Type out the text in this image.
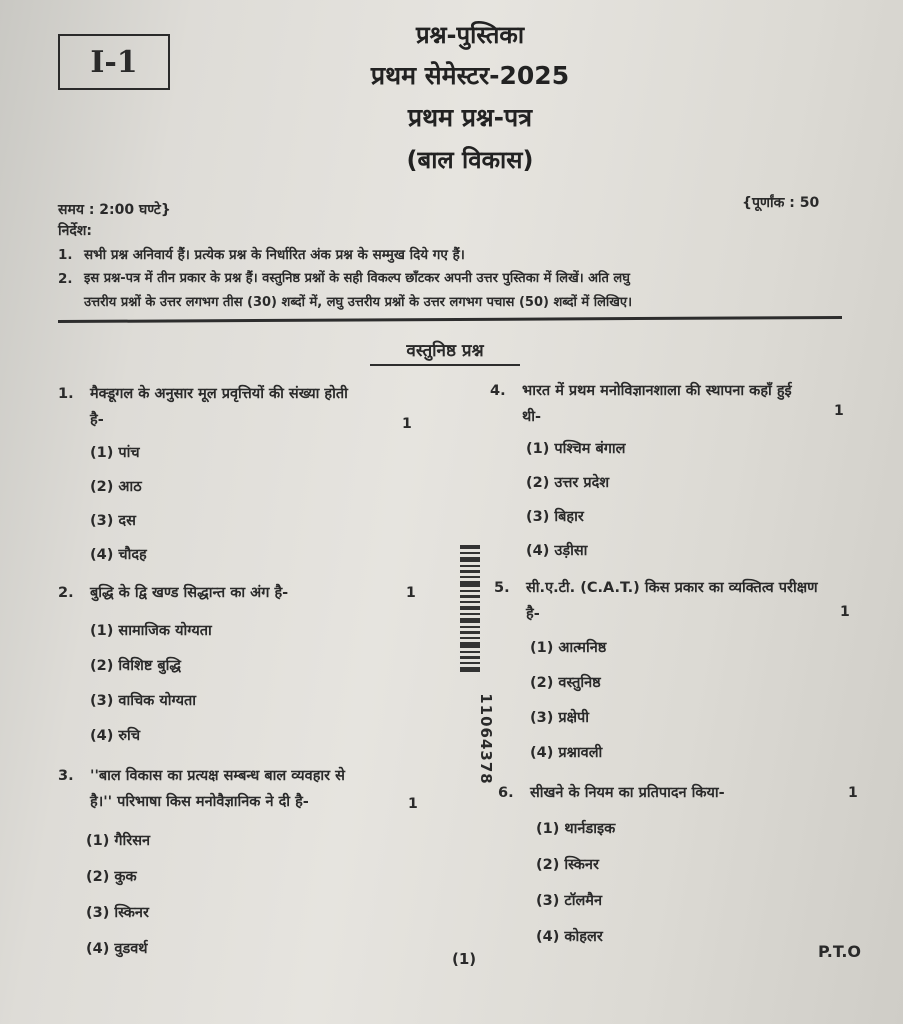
I-1
प्रश्न-पुस्तिका
प्रथम सेमेस्टर-2025
प्रथम प्रश्न-पत्र
(बाल विकास)
समय : 2:00 घण्टे}	{पूर्णांक : 50
निर्देश:
1. सभी प्रश्न अनिवार्य हैं। प्रत्येक प्रश्न के निर्धारित अंक प्रश्न के सम्मुख दिये गए हैं।
2. इस प्रश्न-पत्र में तीन प्रकार के प्रश्न हैं। वस्तुनिष्ठ प्रश्नों के सही विकल्प छाँटकर अपनी उत्तर पुस्तिका में लिखें। अति लघु
उत्तरीय प्रश्नों के उत्तर लगभग तीस (30) शब्दों में, लघु उत्तरीय प्रश्नों के उत्तर लगभग पचास (50) शब्दों में लिखिए।
वस्तुनिष्ठ प्रश्न
1. मैक्डूगल के अनुसार मूल प्रवृत्तियों की संख्या होती
है-	1
(1) पांच
(2) आठ
(3) दस
(4) चौदह
2. बुद्धि के द्वि खण्ड सिद्धान्त का अंग है-	1
(1) सामाजिक योग्यता
(2) विशिष्ट बुद्धि
(3) वाचिक योग्यता
(4) रुचि
3. ''बाल विकास का प्रत्यक्ष सम्बन्ध बाल व्यवहार से
है।'' परिभाषा किस मनोवैज्ञानिक ने दी है-	1
(1) गैरिसन
(2) कुक
(3) स्किनर
(4) वुडवर्थ
11064378
4. भारत में प्रथम मनोविज्ञानशाला की स्थापना कहाँ हुई
थी-	1
(1) पश्चिम बंगाल
(2) उत्तर प्रदेश
(3) बिहार
(4) उड़ीसा
5. सी.ए.टी. (C.A.T.) किस प्रकार का व्यक्तित्व परीक्षण
है-	1
(1) आत्मनिष्ठ
(2) वस्तुनिष्ठ
(3) प्रक्षेपी
(4) प्रश्नावली
6. सीखने के नियम का प्रतिपादन किया-	1
(1) थार्नडाइक
(2) स्किनर
(3) टॉलमैन
(4) कोहलर
(1)	P.T.O
